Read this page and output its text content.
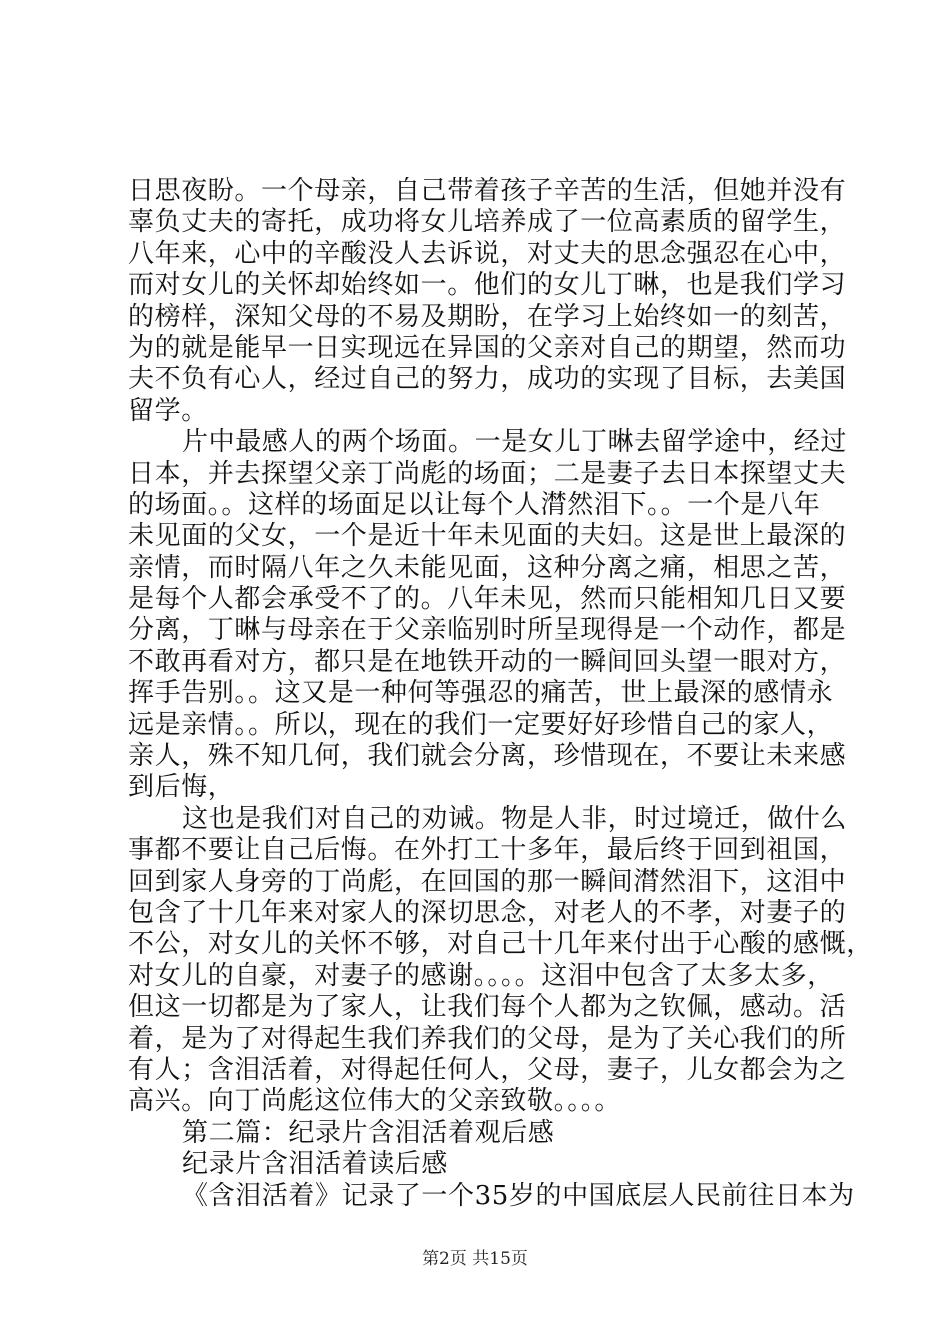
日思夜盼。一个母亲，自己带着孩子辛苦的生活，但她并没有
辜负丈夫的寄托，成功将女儿培养成了一位高素质的留学生，
八年来，心中的辛酸没人去诉说，对丈夫的思念强忍在心中，
而对女儿的关怀却始终如一。他们的女儿丁晽，也是我们学习
的榜样，深知父母的不易及期盼，在学习上始终如一的刻苦，
为的就是能早一日实现远在异国的父亲对自己的期望，然而功
夫不负有心人，经过自己的努力，成功的实现了目标，去美国
留学。
片中最感人的两个场面。一是女儿丁晽去留学途中，经过
日本，并去探望父亲丁尚彪的场面；二是妻子去日本探望丈夫
的场面。。这样的场面足以让每个人潸然泪下。。一个是八年
未见面的父女，一个是近十年未见面的夫妇。这是世上最深的
亲情，而时隔八年之久未能见面，这种分离之痛，相思之苦，
是每个人都会承受不了的。八年未见，然而只能相知几日又要
分离，丁晽与母亲在于父亲临别时所呈现得是一个动作，都是
不敢再看对方，都只是在地铁开动的一瞬间回头望一眼对方，
挥手告别。。这又是一种何等强忍的痛苦，世上最深的感情永
远是亲情。。所以，现在的我们一定要好好珍惜自己的家人，
亲人，殊不知几何，我们就会分离，珍惜现在，不要让未来感
到后悔，
这也是我们对自己的劝诫。物是人非，时过境迁，做什么
事都不要让自己后悔。在外打工十多年，最后终于回到祖国，
回到家人身旁的丁尚彪，在回国的那一瞬间潸然泪下，这泪中
包含了十几年来对家人的深切思念，对老人的不孝，对妻子的
不公，对女儿的关怀不够，对自己十几年来付出于心酸的感慨，
对女儿的自豪，对妻子的感谢。。。。这泪中包含了太多太多，
但这一切都是为了家人，让我们每个人都为之钦佩，感动。活
着，是为了对得起生我们养我们的父母，是为了关心我们的所
有人；含泪活着，对得起任何人，父母，妻子，儿女都会为之
高兴。向丁尚彪这位伟大的父亲致敬。。。。
第二篇：纪录片含泪活着观后感
纪录片含泪活着读后感
《含泪活着》记录了一个35岁的中国底层人民前往日本为
第2页 共15页
